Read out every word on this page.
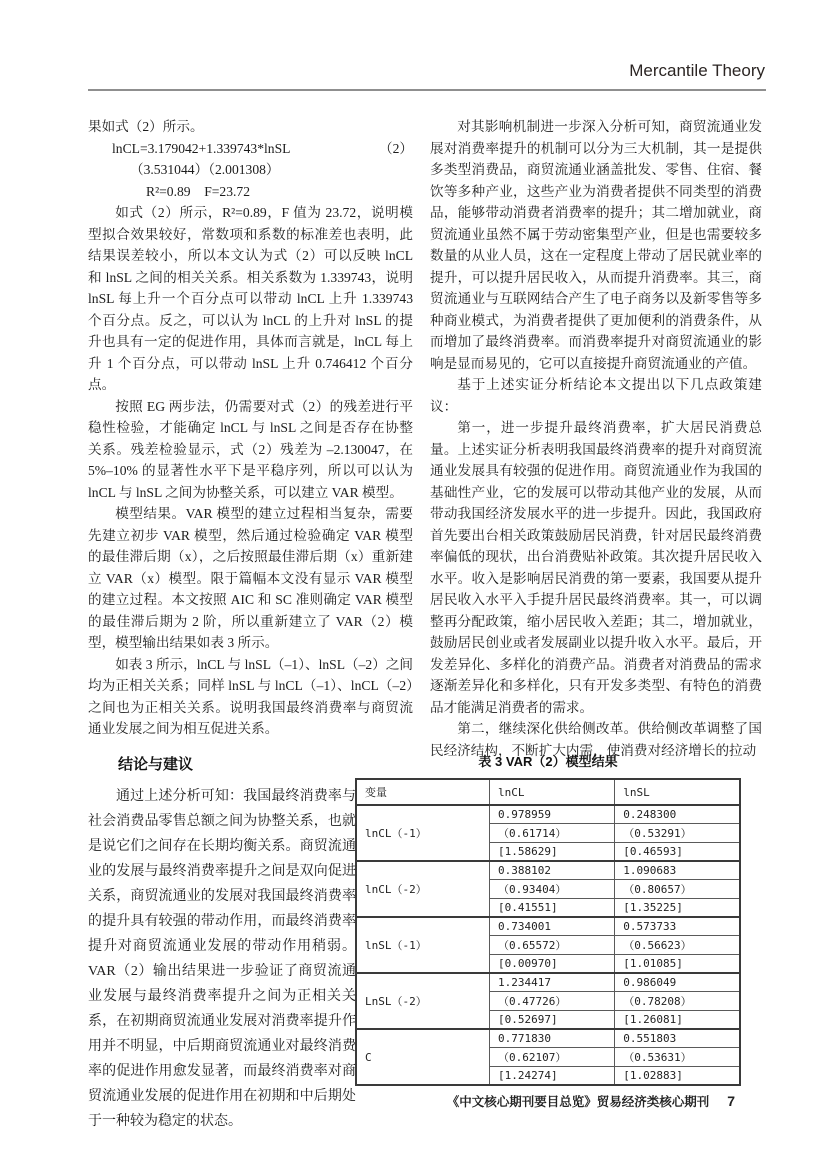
Mercantile Theory

果如式（2）所示。

lnCL=3.179042+1.339743*lnSL	（2）
（3.531044）（2.001308）
R²=0.89　F=23.72

如式（2）所示，R²=0.89，F 值为 23.72，说明模型拟合效果较好，常数项和系数的标准差也表明，此结果误差较小，所以本文认为式（2）可以反映 lnCL 和 lnSL 之间的相关关系。相关系数为 1.339743，说明 lnSL 每上升一个百分点可以带动 lnCL 上升 1.339743 个百分点。反之，可以认为 lnCL 的上升对 lnSL 的提升也具有一定的促进作用，具体而言就是，lnCL 每上升 1 个百分点，可以带动 lnSL 上升 0.746412 个百分点。

按照 EG 两步法，仍需要对式（2）的残差进行平稳性检验，才能确定 lnCL 与 lnSL 之间是否存在协整关系。残差检验显示，式（2）残差为 –2.130047，在 5%–10% 的显著性水平下是平稳序列，所以可以认为 lnCL 与 lnSL 之间为协整关系，可以建立 VAR 模型。

模型结果。VAR 模型的建立过程相当复杂，需要先建立初步 VAR 模型，然后通过检验确定 VAR 模型的最佳滞后期（x），之后按照最佳滞后期（x）重新建立 VAR（x）模型。限于篇幅本文没有显示 VAR 模型的建立过程。本文按照 AIC 和 SC 准则确定 VAR 模型的最佳滞后期为 2 阶，所以重新建立了 VAR（2）模型，模型输出结果如表 3 所示。

如表 3 所示，lnCL 与 lnSL（–1）、lnSL（–2）之间均为正相关关系；同样 lnSL 与 lnCL（–1）、lnCL（–2）之间也为正相关关系。说明我国最终消费率与商贸流通业发展之间为相互促进关系。

结论与建议

通过上述分析可知：我国最终消费率与社会消费品零售总额之间为协整关系，也就是说它们之间存在长期均衡关系。商贸流通业的发展与最终消费率提升之间是双向促进关系，商贸流通业的发展对我国最终消费率的提升具有较强的带动作用，而最终消费率提升对商贸流通业发展的带动作用稍弱。VAR（2）输出结果进一步验证了商贸流通业发展与最终消费率提升之间为正相关关系，在初期商贸流通业发展对消费率提升作用并不明显，中后期商贸流通业对最终消费率的促进作用愈发显著，而最终消费率对商贸流通业发展的促进作用在初期和中后期处于一种较为稳定的状态。

对其影响机制进一步深入分析可知，商贸流通业发展对消费率提升的机制可以分为三大机制，其一是提供多类型消费品，商贸流通业涵盖批发、零售、住宿、餐饮等多种产业，这些产业为消费者提供不同类型的消费品，能够带动消费者消费率的提升；其二增加就业，商贸流通业虽然不属于劳动密集型产业，但是也需要较多数量的从业人员，这在一定程度上带动了居民就业率的提升，可以提升居民收入，从而提升消费率。其三，商贸流通业与互联网结合产生了电子商务以及新零售等多种商业模式，为消费者提供了更加便利的消费条件，从而增加了最终消费率。而消费率提升对商贸流通业的影响是显而易见的，它可以直接提升商贸流通业的产值。

基于上述实证分析结论本文提出以下几点政策建议：

第一，进一步提升最终消费率，扩大居民消费总量。上述实证分析表明我国最终消费率的提升对商贸流通业发展具有较强的促进作用。商贸流通业作为我国的基础性产业，它的发展可以带动其他产业的发展，从而带动我国经济发展水平的进一步提升。因此，我国政府首先要出台相关政策鼓励居民消费，针对居民最终消费率偏低的现状，出台消费贴补政策。其次提升居民收入水平。收入是影响居民消费的第一要素，我国要从提升居民收入水平入手提升居民最终消费率。其一，可以调整再分配政策，缩小居民收入差距；其二，增加就业，鼓励居民创业或者发展副业以提升收入水平。最后，开发差异化、多样化的消费产品。消费者对消费品的需求逐渐差异化和多样化，只有开发多类型、有特色的消费品才能满足消费者的需求。

第二，继续深化供给侧改革。供给侧改革调整了国民经济结构，不断扩大内需，使消费对经济增长的拉动

表 3 VAR（2）模型结果
变量	lnCL	lnSL
lnCL（-1）	0.978959	0.248300
	（0.61714）	（0.53291）
	[1.58629]	[0.46593]
lnCL（-2）	0.388102	1.090683
	（0.93404）	（0.80657）
	[0.41551]	[1.35225]
lnSL（-1）	0.734001	0.573733
	（0.65572）	（0.56623）
	[0.00970]	[1.01085]
LnSL（-2）	1.234417	0.986049
	（0.47726）	（0.78208）
	[0.52697]	[1.26081]
C	0.771830	0.551803
	（0.62107）	（0.53631）
	[1.24274]	[1.02883]
《中文核心期刊要目总览》贸易经济类核心期刊 7
